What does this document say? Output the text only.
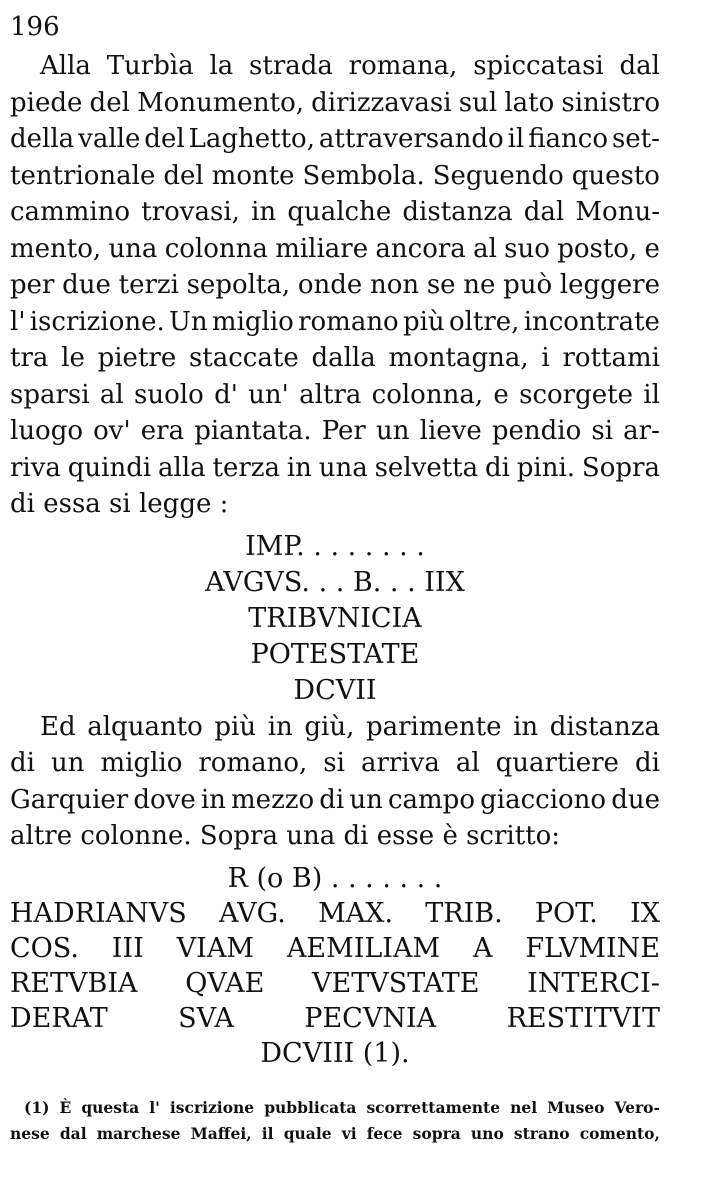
196
Alla Turbìa la strada romana, spiccatasi dal
piede del Monumento, dirizzavasi sul lato sinistro
della valle del Laghetto, attraversando il fianco set-
tentrionale del monte Sembola. Seguendo questo
cammino trovasi, in qualche distanza dal Monu-
mento, una colonna miliare ancora al suo posto, e
per due terzi sepolta, onde non se ne può leggere
l' iscrizione. Un miglio romano più oltre, incontrate
tra le pietre staccate dalla montagna, i rottami
sparsi al suolo d' un' altra colonna, e scorgete il
luogo ov' era piantata. Per un lieve pendio si ar-
riva quindi alla terza in una selvetta di pini. Sopra
di essa si legge :
IMP. . . . . . . .
AVGVS. . . B. . . IIX
TRIBVNICIA
POTESTATE
DCVII
Ed alquanto più in giù, parimente in distanza
di un miglio romano, si arriva al quartiere di
Garquier dove in mezzo di un campo giacciono due
altre colonne. Sopra una di esse è scritto:
R (o B) . . . . . . .
HADRIANVS AVG. MAX. TRIB. POT. IX
COS. III VIAM AEMILIAM A FLVMINE
RETVBIA QVAE VETVSTATE INTERCI-
DERAT	SVA	PECVNIA	RESTITVIT
DCVIII (1).
(1) È questa l' iscrizione pubblicata scorrettamente nel Museo Vero-
nese dal marchese Maffei, il quale vi fece sopra uno strano comento,
